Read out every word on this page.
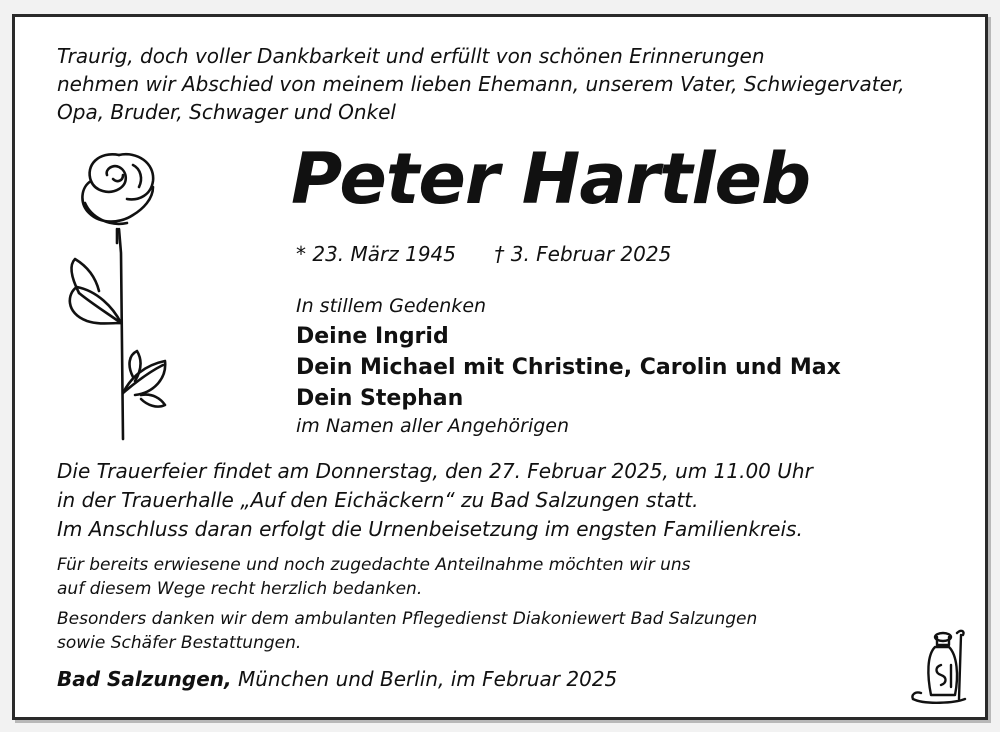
Traurig, doch voller Dankbarkeit und erfüllt von schönen Erinnerungen
nehmen wir Abschied von meinem lieben Ehemann, unserem Vater, Schwiegervater,
Opa, Bruder, Schwager und Onkel
Peter Hartleb
* 23. März 1945 † 3. Februar 2025
In stillem Gedenken
Deine Ingrid
Dein Michael mit Christine, Carolin und Max
Dein Stephan
im Namen aller Angehörigen
Die Trauerfeier findet am Donnerstag, den 27. Februar 2025, um 11.00 Uhr
in der Trauerhalle „Auf den Eichäckern“ zu Bad Salzungen statt.
Im Anschluss daran erfolgt die Urnenbeisetzung im engsten Familienkreis.
Für bereits erwiesene und noch zugedachte Anteilnahme möchten wir uns
auf diesem Wege recht herzlich bedanken.
Besonders danken wir dem ambulanten Pflegedienst Diakoniewert Bad Salzungen
sowie Schäfer Bestattungen.
Bad Salzungen, München und Berlin, im Februar 2025
